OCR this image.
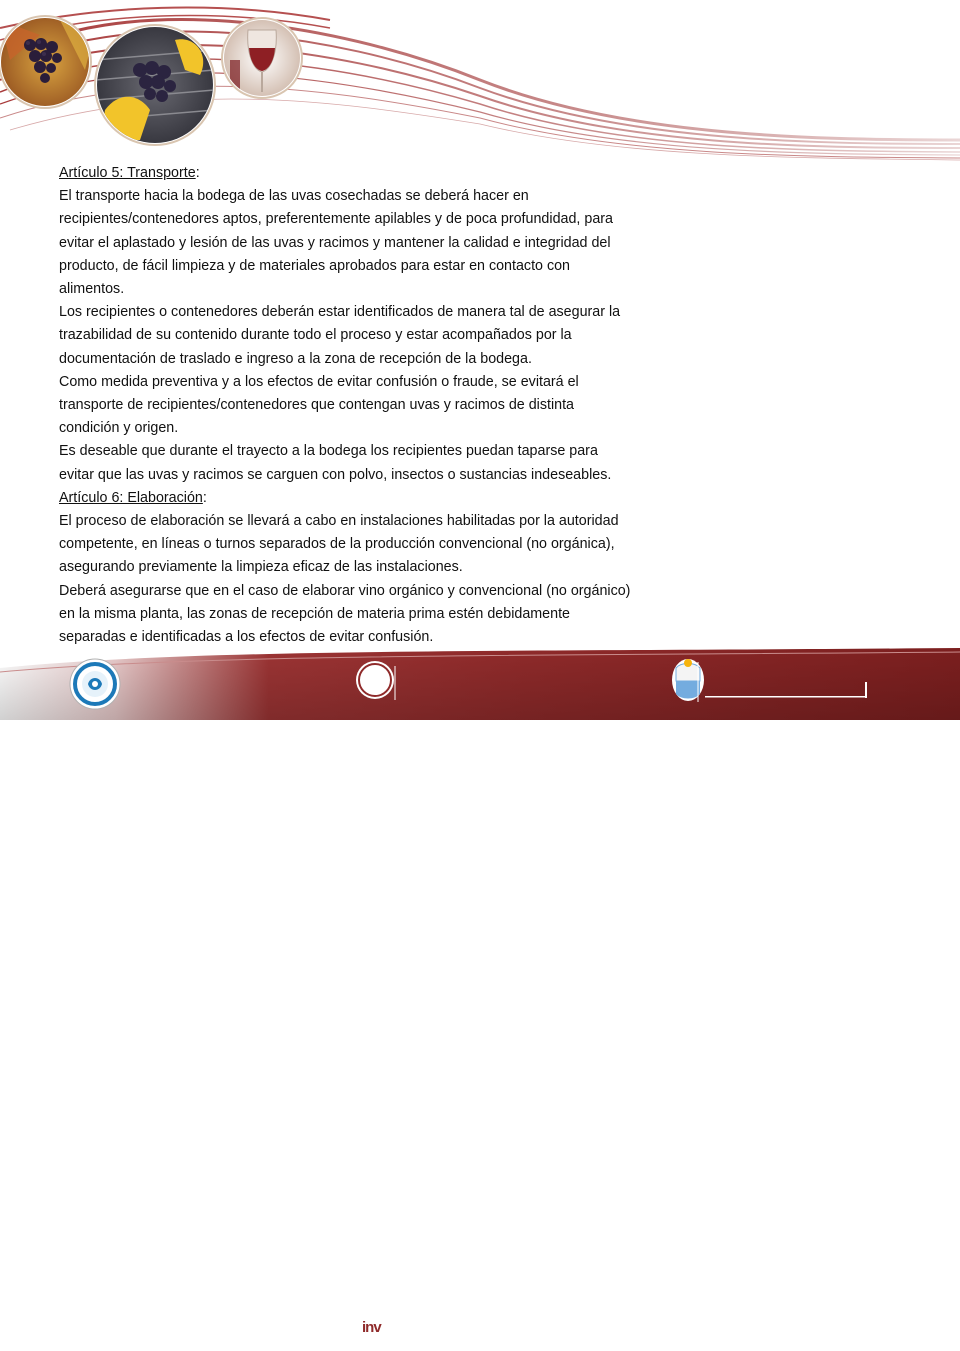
Artículo 5: Transporte:

El transporte hacia la bodega de las uvas cosechadas se deberá hacer en

recipientes/contenedores aptos, preferentemente apilables y de poca profundidad, para

evitar el aplastado y lesión de las uvas y racimos y mantener la calidad e integridad del

producto, de fácil limpieza y de materiales aprobados para estar en contacto con

alimentos.

Los recipientes o contenedores deberán estar identificados de manera tal de asegurar la

trazabilidad de su contenido durante todo el proceso y estar acompañados por la

documentación de traslado e ingreso a la zona de recepción de la bodega.

Como medida preventiva y a los efectos de evitar confusión o fraude, se evitará el

transporte de recipientes/contenedores que contengan uvas y racimos de distinta

condición y origen.

Es deseable que durante el trayecto a la bodega los recipientes puedan taparse para

evitar que las uvas y racimos se carguen con polvo, insectos o sustancias indeseables.

Artículo 6: Elaboración:

El proceso de elaboración se llevará a cabo en instalaciones habilitadas por la autoridad

competente, en líneas o turnos separados de la producción convencional (no orgánica),

asegurando previamente la limpieza eficaz de las instalaciones.

Deberá asegurarse que en el caso de elaborar vino orgánico y convencional (no orgánico)

en la misma planta, las zonas de recepción de materia prima estén debidamente

separadas e identificadas a los efectos de evitar confusión.

inv
INSTITUTO NACIONAL DE VITIVINICULTURA
REPÚBLICA ARGENTINA
Ministerio de Agricultura, Ganadería y Pesca
Presidencia de la Nación
